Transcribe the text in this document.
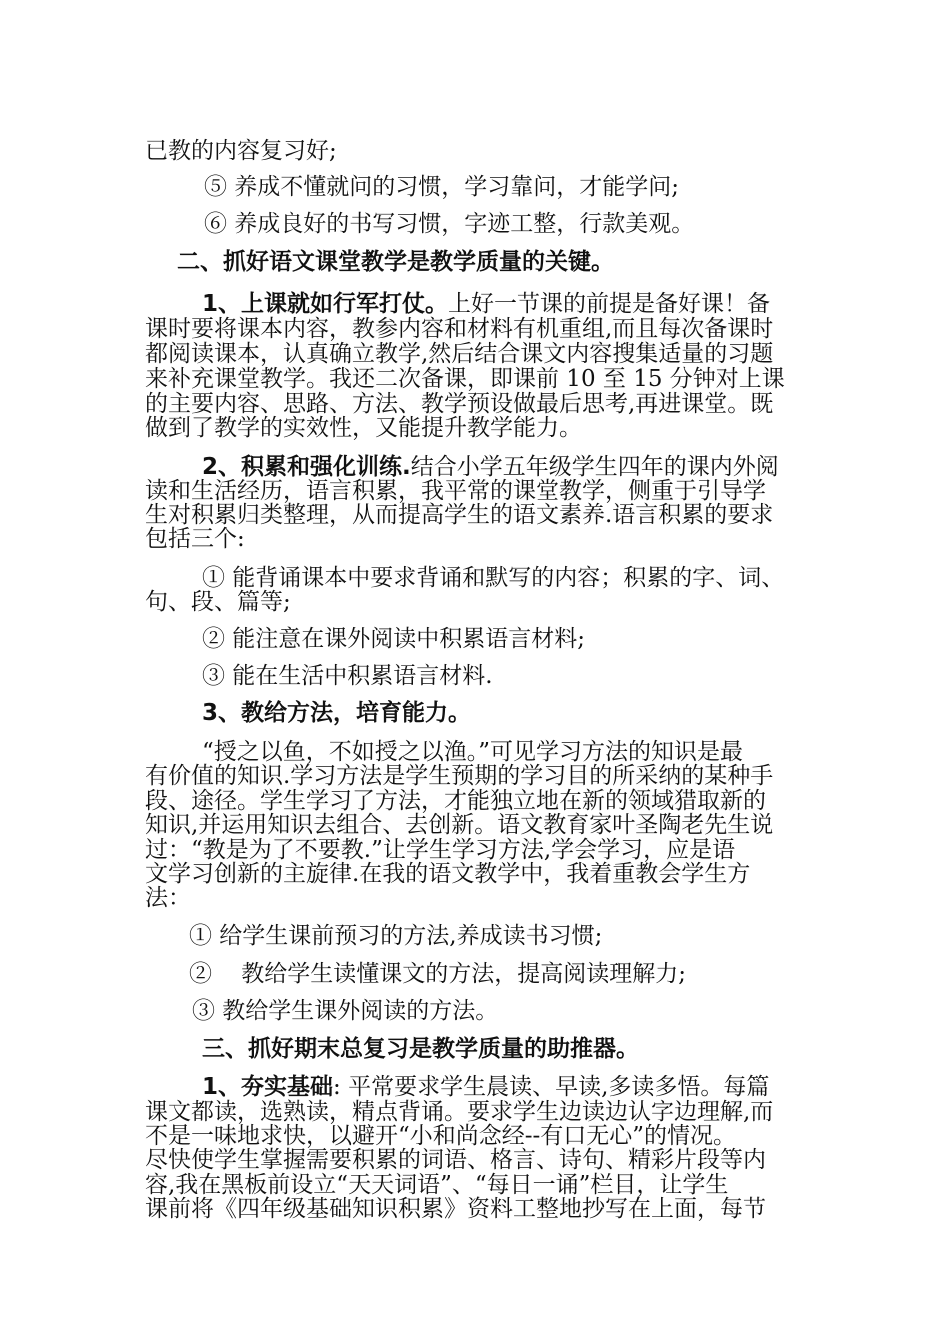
已教的内容复习好;
⑤ 养成不懂就问的习惯，学习靠问，才能学问;
⑥ 养成良好的书写习惯，字迹工整，行款美观。
二、抓好语文课堂教学是教学质量的关键。
1、上课就如行军打仗。上好一节课的前提是备好课！备
课时要将课本内容，教参内容和材料有机重组,而且每次备课时
都阅读课本，认真确立教学,然后结合课文内容搜集适量的习题
来补充课堂教学。我还二次备课，即课前 10 至 15 分钟对上课
的主要内容、思路、方法、教学预设做最后思考,再进课堂。既
做到了教学的实效性，又能提升教学能力。
2、积累和强化训练.结合小学五年级学生四年的课内外阅
读和生活经历，语言积累，我平常的课堂教学，侧重于引导学
生对积累归类整理，从而提高学生的语文素养.语言积累的要求
包括三个:
① 能背诵课本中要求背诵和默写的内容；积累的字、词、
句、段、篇等;
② 能注意在课外阅读中积累语言材料;
③ 能在生活中积累语言材料.
3、教给方法，培育能力。
“授之以鱼，不如授之以渔。”可见学习方法的知识是最
有价值的知识.学习方法是学生预期的学习目的所采纳的某种手
段、途径。学生学习了方法，才能独立地在新的领域猎取新的
知识,并运用知识去组合、去创新。语文教育家叶圣陶老先生说
过：“教是为了不要教.”让学生学习方法,学会学习，应是语
文学习创新的主旋律.在我的语文教学中，我着重教会学生方
法：
① 给学生课前预习的方法,养成读书习惯;
②    教给学生读懂课文的方法，提高阅读理解力;
③ 教给学生课外阅读的方法。
三、抓好期末总复习是教学质量的助推器。
1、夯实基础: 平常要求学生晨读、早读,多读多悟。每篇
课文都读，选熟读，精点背诵。要求学生边读边认字边理解,而
不是一味地求快，以避开“小和尚念经--有口无心”的情况。
尽快使学生掌握需要积累的词语、格言、诗句、精彩片段等内
容,我在黑板前设立“天天词语”、“每日一诵”栏目，让学生
课前将《四年级基础知识积累》资料工整地抄写在上面，每节
